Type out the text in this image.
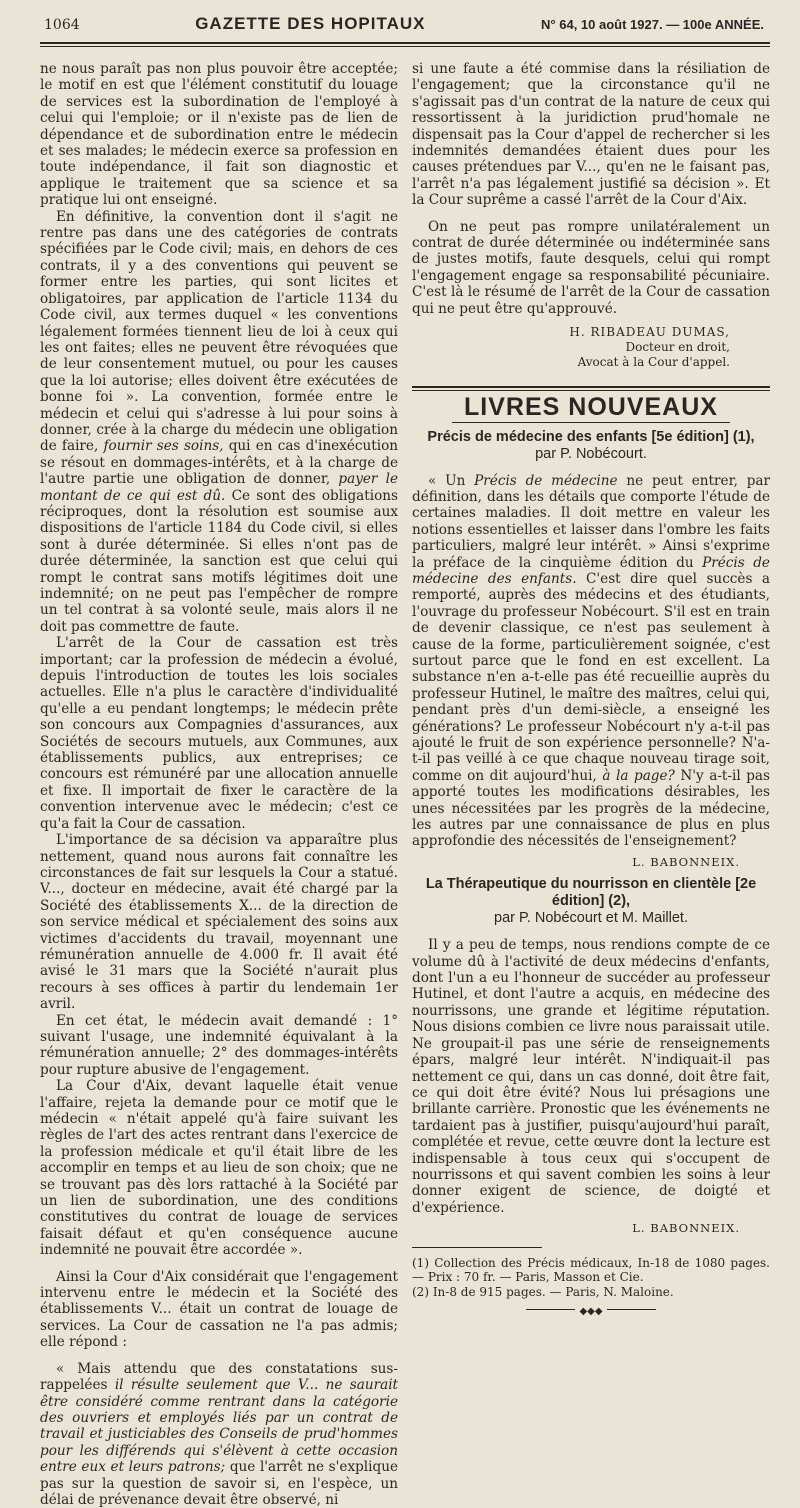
1064	GAZETTE DES HOPITAUX	N° 64, 10 août 1927. — 100e ANNÉE.

ne nous paraît pas non plus pouvoir être acceptée; le motif en est que l'élément constitutif du louage de services est la subordination de l'employé à celui qui l'emploie; or il n'existe pas de lien de dépendance et de subordination entre le médecin et ses malades; le médecin exerce sa profession en toute indépendance, il fait son diagnostic et applique le traitement que sa science et sa pratique lui ont enseigné.

En définitive, la convention dont il s'agit ne rentre pas dans une des catégories de contrats spécifiées par le Code civil; mais, en dehors de ces contrats, il y a des conventions qui peuvent se former entre les parties, qui sont licites et obligatoires, par application de l'article 1134 du Code civil, aux termes duquel « les conventions légalement formées tiennent lieu de loi à ceux qui les ont faites; elles ne peuvent être révoquées que de leur consentement mutuel, ou pour les causes que la loi autorise; elles doivent être exécutées de bonne foi ». La convention, formée entre le médecin et celui qui s'adresse à lui pour soins à donner, crée à la charge du médecin une obligation de faire, fournir ses soins, qui en cas d'inexécution se résout en dommages-intérêts, et à la charge de l'autre partie une obligation de donner, payer le montant de ce qui est dû. Ce sont des obligations réciproques, dont la résolution est soumise aux dispositions de l'article 1184 du Code civil, si elles sont à durée déterminée. Si elles n'ont pas de durée déterminée, la sanction est que celui qui rompt le contrat sans motifs légitimes doit une indemnité; on ne peut pas l'empêcher de rompre un tel contrat à sa volonté seule, mais alors il ne doit pas commettre de faute.

L'arrêt de la Cour de cassation est très important; car la profession de médecin a évolué, depuis l'introduction de toutes les lois sociales actuelles. Elle n'a plus le caractère d'individualité qu'elle a eu pendant longtemps; le médecin prête son concours aux Compagnies d'assurances, aux Sociétés de secours mutuels, aux Communes, aux établissements publics, aux entreprises; ce concours est rémunéré par une allocation annuelle et fixe. Il importait de fixer le caractère de la convention intervenue avec le médecin; c'est ce qu'a fait la Cour de cassation.

L'importance de sa décision va apparaître plus nettement, quand nous aurons fait connaître les circonstances de fait sur lesquels la Cour a statué. V..., docteur en médecine, avait été chargé par la Société des établissements X... de la direction de son service médical et spécialement des soins aux victimes d'accidents du travail, moyennant une rémunération annuelle de 4.000 fr. Il avait été avisé le 31 mars que la Société n'aurait plus recours à ses offices à partir du lendemain 1er avril.

En cet état, le médecin avait demandé : 1° suivant l'usage, une indemnité équivalant à la rémunération annuelle; 2° des dommages-intérêts pour rupture abusive de l'engagement.

La Cour d'Aix, devant laquelle était venue l'affaire, rejeta la demande pour ce motif que le médecin « n'était appelé qu'à faire suivant les règles de l'art des actes rentrant dans l'exercice de la profession médicale et qu'il était libre de les accomplir en temps et au lieu de son choix; que ne se trouvant pas dès lors rattaché à la Société par un lien de subordination, une des conditions constitutives du contrat de louage de services faisait défaut et qu'en conséquence aucune indemnité ne pouvait être accordée ».

Ainsi la Cour d'Aix considérait que l'engagement intervenu entre le médecin et la Société des établissements V... était un contrat de louage de services. La Cour de cassation ne l'a pas admis; elle répond :

« Mais attendu que des constatations sus-rappelées il résulte seulement que V... ne saurait être considéré comme rentrant dans la catégorie des ouvriers et employés liés par un contrat de travail et justiciables des Conseils de prud'hommes pour les différends qui s'élèvent à cette occasion entre eux et leurs patrons; que l'arrêt ne s'explique pas sur la question de savoir si, en l'espèce, un délai de prévenance devait être observé, ni

si une faute a été commise dans la résiliation de l'engagement; que la circonstance qu'il ne s'agissait pas d'un contrat de la nature de ceux qui ressortissent à la juridiction prud'homale ne dispensait pas la Cour d'appel de rechercher si les indemnités demandées étaient dues pour les causes prétendues par V..., qu'en ne le faisant pas, l'arrêt n'a pas légalement justifié sa décision ». Et la Cour suprême a cassé l'arrêt de la Cour d'Aix.

On ne peut pas rompre unilatéralement un contrat de durée déterminée ou indéterminée sans de justes motifs, faute desquels, celui qui rompt l'engagement engage sa responsabilité pécuniaire. C'est là le résumé de l'arrêt de la Cour de cassation qui ne peut être qu'approuvé.

H. RIBADEAU DUMAS,
Docteur en droit,
Avocat à la Cour d'appel.
LIVRES NOUVEAUX
Précis de médecine des enfants [5e édition] (1),
par P. Nobécourt.

« Un Précis de médecine ne peut entrer, par définition, dans les détails que comporte l'étude de certaines maladies. Il doit mettre en valeur les notions essentielles et laisser dans l'ombre les faits particuliers, malgré leur intérêt. » Ainsi s'exprime la préface de la cinquième édition du Précis de médecine des enfants. C'est dire quel succès a remporté, auprès des médecins et des étudiants, l'ouvrage du professeur Nobécourt. S'il est en train de devenir classique, ce n'est pas seulement à cause de la forme, particulièrement soignée, c'est surtout parce que le fond en est excellent. La substance n'en a-t-elle pas été recueillie auprès du professeur Hutinel, le maître des maîtres, celui qui, pendant près d'un demi-siècle, a enseigné les générations? Le professeur Nobécourt n'y a-t-il pas ajouté le fruit de son expérience personnelle? N'a-t-il pas veillé à ce que chaque nouveau tirage soit, comme on dit aujourd'hui, à la page? N'y a-t-il pas apporté toutes les modifications désirables, les unes nécessitées par les progrès de la médecine, les autres par une connaissance de plus en plus approfondie des nécessités de l'enseignement?

L. BABONNEIX.
La Thérapeutique du nourrisson en clientèle [2e édition] (2),
par P. Nobécourt et M. Maillet.

Il y a peu de temps, nous rendions compte de ce volume dû à l'activité de deux médecins d'enfants, dont l'un a eu l'honneur de succéder au professeur Hutinel, et dont l'autre a acquis, en médecine des nourrissons, une grande et légitime réputation. Nous disions combien ce livre nous paraissait utile. Ne groupait-il pas une série de renseignements épars, malgré leur intérêt. N'indiquait-il pas nettement ce qui, dans un cas donné, doit être fait, ce qui doit être évité? Nous lui présagions une brillante carrière. Pronostic que les événements ne tardaient pas à justifier, puisqu'aujourd'hui paraît, complétée et revue, cette œuvre dont la lecture est indispensable à tous ceux qui s'occupent de nourrissons et qui savent combien les soins à leur donner exigent de science, de doigté et d'expérience.

L. BABONNEIX.

(1) Collection des Précis médicaux, In-18 de 1080 pages. — Prix : 70 fr. — Paris, Masson et Cie.

(2) In-8 de 915 pages. — Paris, N. Maloine.

◆◆◆
